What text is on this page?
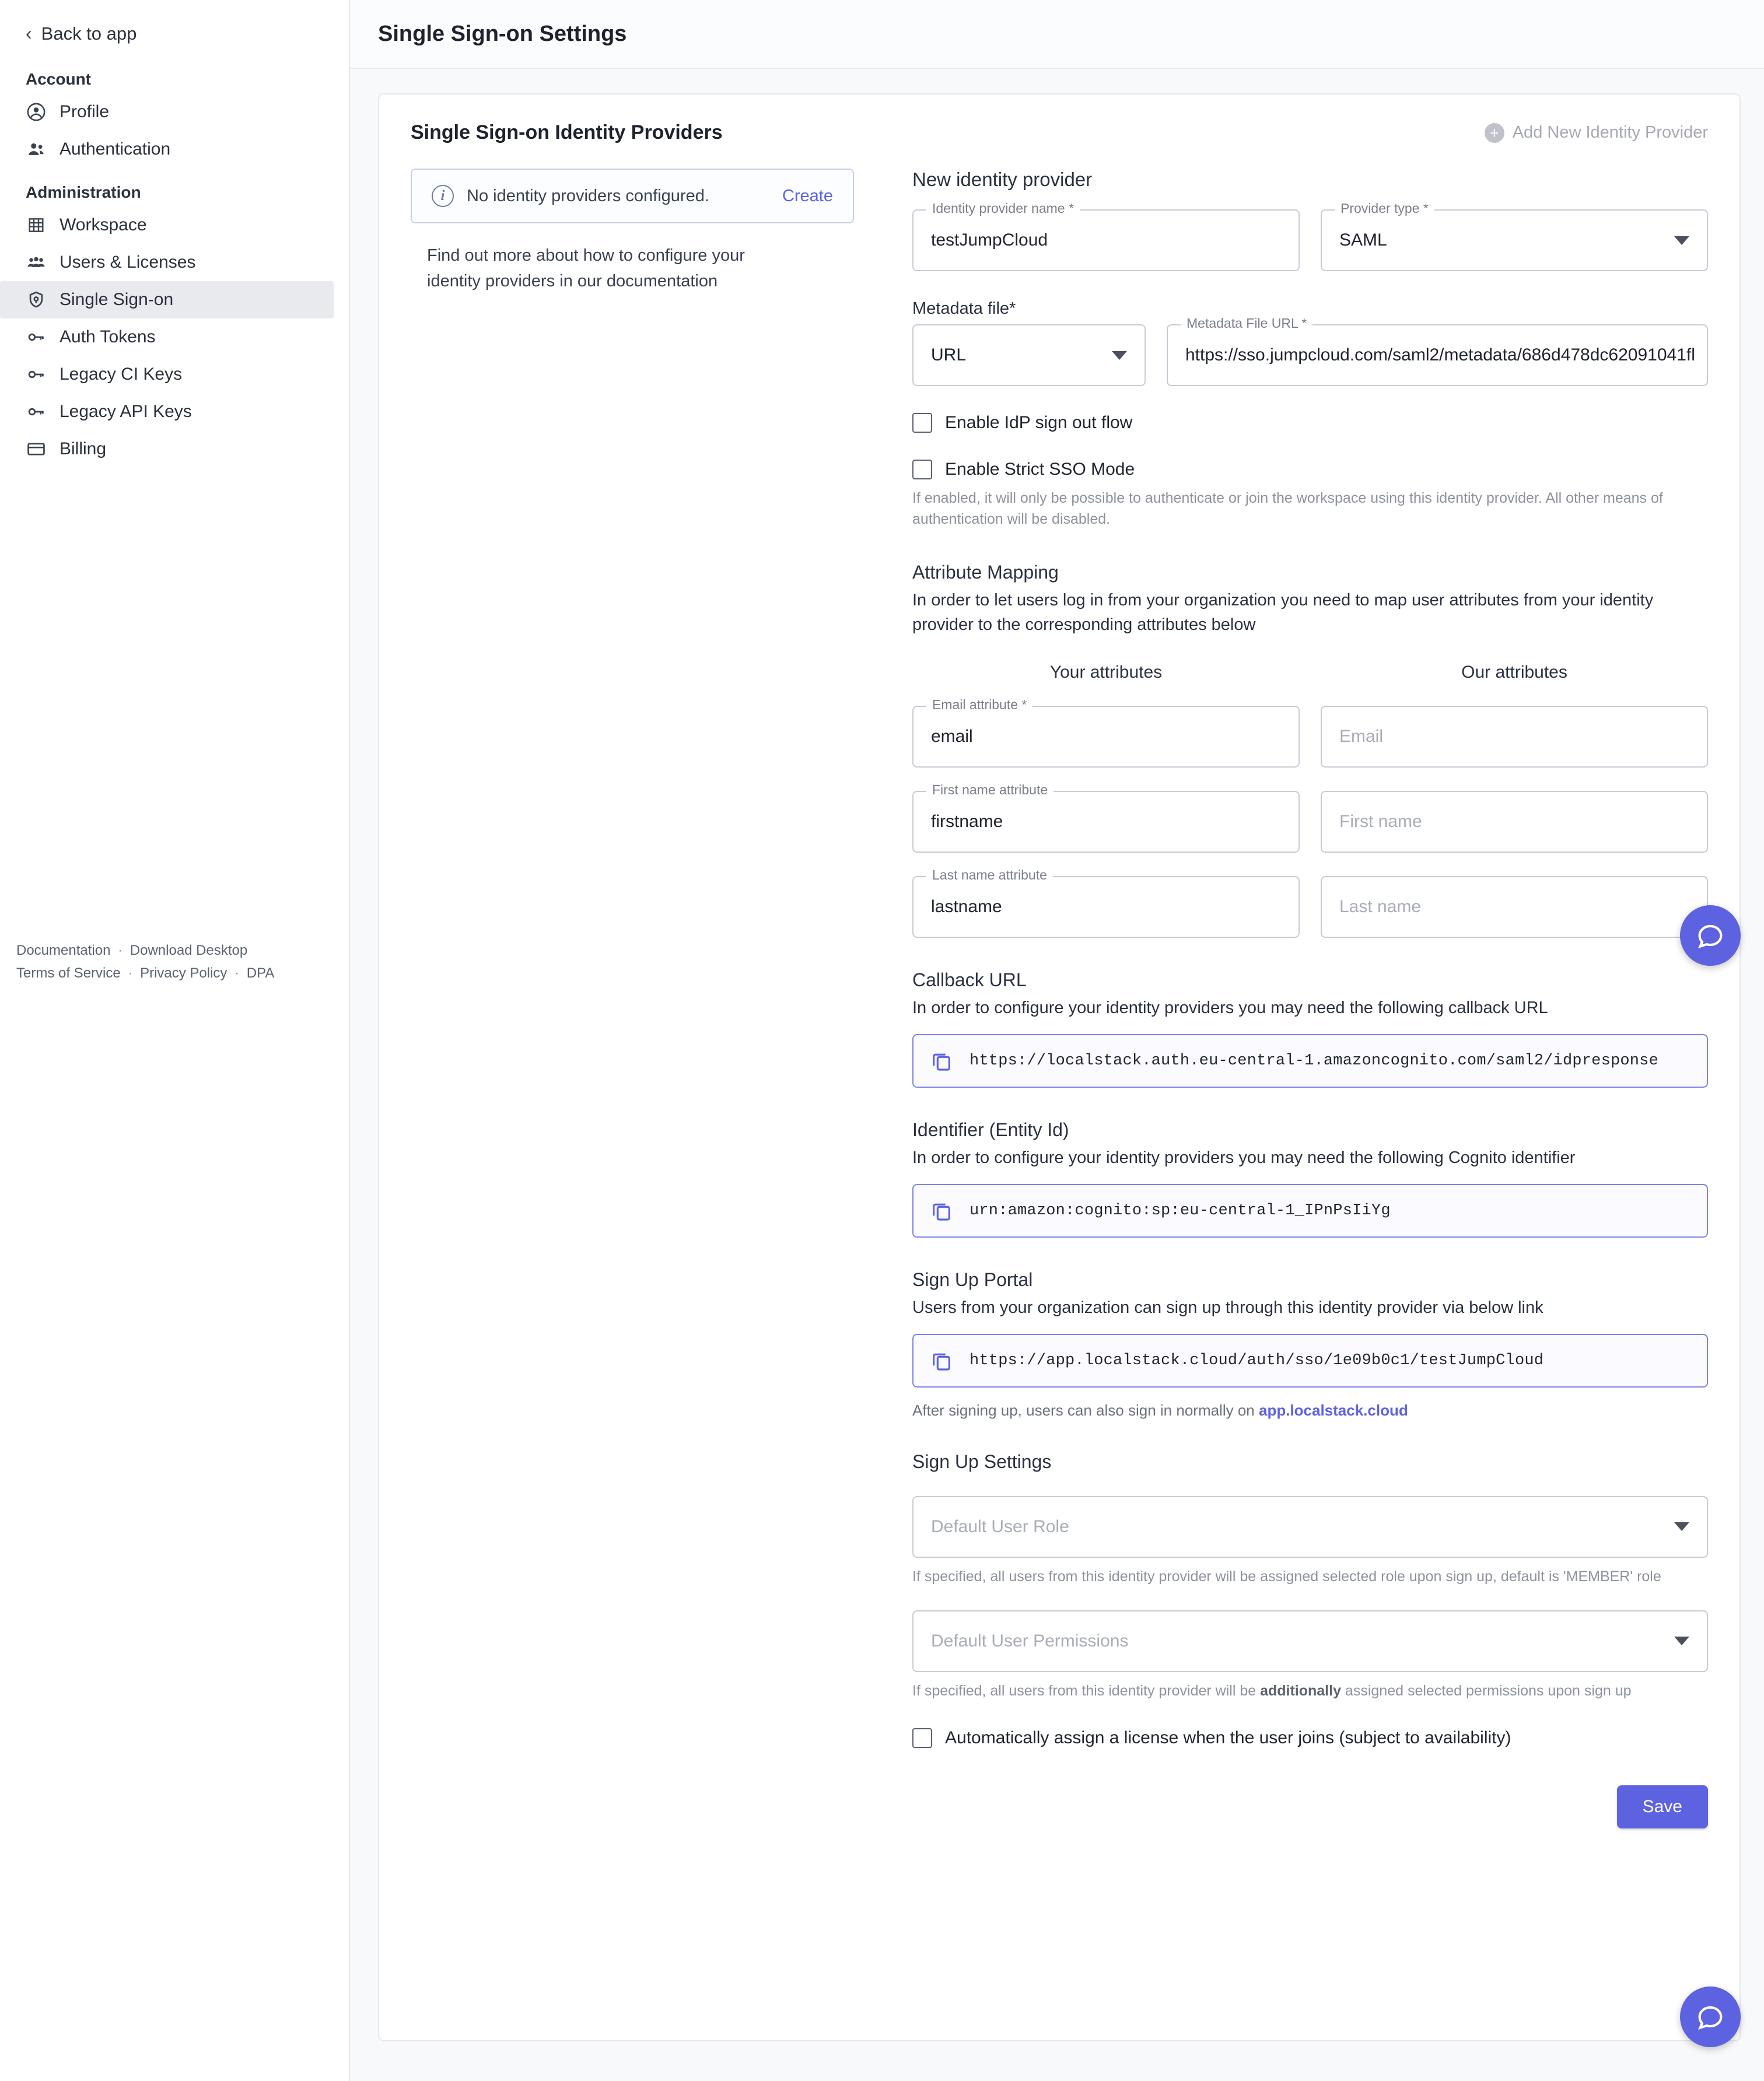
‹ Back to app
Account
Profile
Authentication
Administration
Workspace
Users & Licenses
Single Sign-on
Auth Tokens
Legacy CI Keys
Legacy API Keys
Billing
Documentation · Download Desktop
Terms of Service · Privacy Policy · DPA
Single Sign-on Settings
Single Sign-on Identity Providers	+ Add New Identity Provider
i	No identity providers configured.	Create
Find out more about how to configure your identity providers in our documentation
New identity provider
Identity provider name *
testJumpCloud
Provider type *
SAML
Metadata file*
URL
Metadata File URL *
https://sso.jumpcloud.com/saml2/metadata/686d478dc62091041fl
Enable IdP sign out flow
Enable Strict SSO Mode
If enabled, it will only be possible to authenticate or join the workspace using this identity provider. All other means of authentication will be disabled.
Attribute Mapping
In order to let users log in from your organization you need to map user attributes from your identity provider to the corresponding attributes below
Your attributes	Our attributes
Email attribute *
email	Email
First name attribute
firstname	First name
Last name attribute
lastname	Last name
Callback URL
In order to configure your identity providers you may need the following callback URL
https://localstack.auth.eu-central-1.amazoncognito.com/saml2/idpresponse
Identifier (Entity Id)
In order to configure your identity providers you may need the following Cognito identifier
urn:amazon:cognito:sp:eu-central-1_IPnPsIiYg
Sign Up Portal
Users from your organization can sign up through this identity provider via below link
https://app.localstack.cloud/auth/sso/1e09b0c1/testJumpCloud
After signing up, users can also sign in normally on app.localstack.cloud
Sign Up Settings
Default User Role
If specified, all users from this identity provider will be assigned selected role upon sign up, default is 'MEMBER' role
Default User Permissions
If specified, all users from this identity provider will be additionally assigned selected permissions upon sign up
Automatically assign a license when the user joins (subject to availability)
Save
